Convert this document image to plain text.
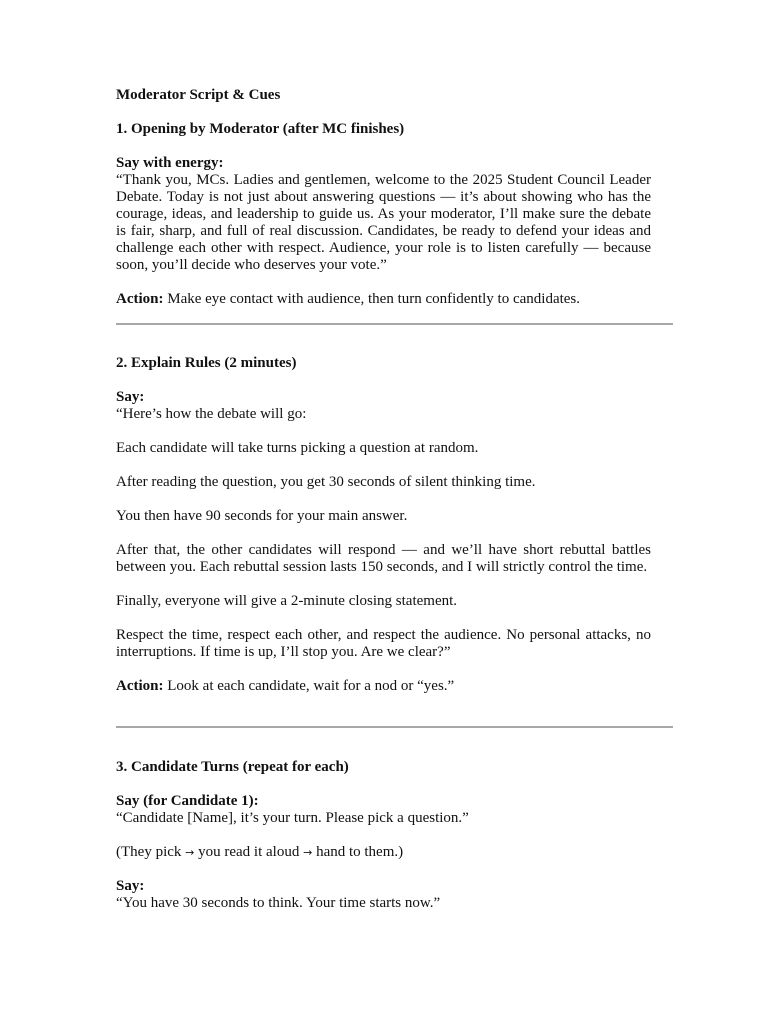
Moderator Script & Cues

1. Opening by Moderator (after MC finishes)

Say with energy:

“Thank you, MCs. Ladies and gentlemen, welcome to the 2025 Student Council Leader Debate. Today is not just about answering questions — it’s about showing who has the courage, ideas, and leadership to guide us. As your moderator, I’ll make sure the debate is fair, sharp, and full of real discussion. Candidates, be ready to defend your ideas and challenge each other with respect. Audience, your role is to listen carefully — because soon, you’ll decide who deserves your vote.”

Action: Make eye contact with audience, then turn confidently to candidates.

2. Explain Rules (2 minutes)

Say:

“Here’s how the debate will go:

Each candidate will take turns picking a question at random.

After reading the question, you get 30 seconds of silent thinking time.

You then have 90 seconds for your main answer.

After that, the other candidates will respond — and we’ll have short rebuttal battles between you. Each rebuttal session lasts 150 seconds, and I will strictly control the time.

Finally, everyone will give a 2-minute closing statement.

Respect the time, respect each other, and respect the audience. No personal attacks, no interruptions. If time is up, I’ll stop you. Are we clear?”

Action: Look at each candidate, wait for a nod or “yes.”

3. Candidate Turns (repeat for each)

Say (for Candidate 1):

“Candidate [Name], it’s your turn. Please pick a question.”

(They pick → you read it aloud → hand to them.)

Say:

“You have 30 seconds to think. Your time starts now.”
